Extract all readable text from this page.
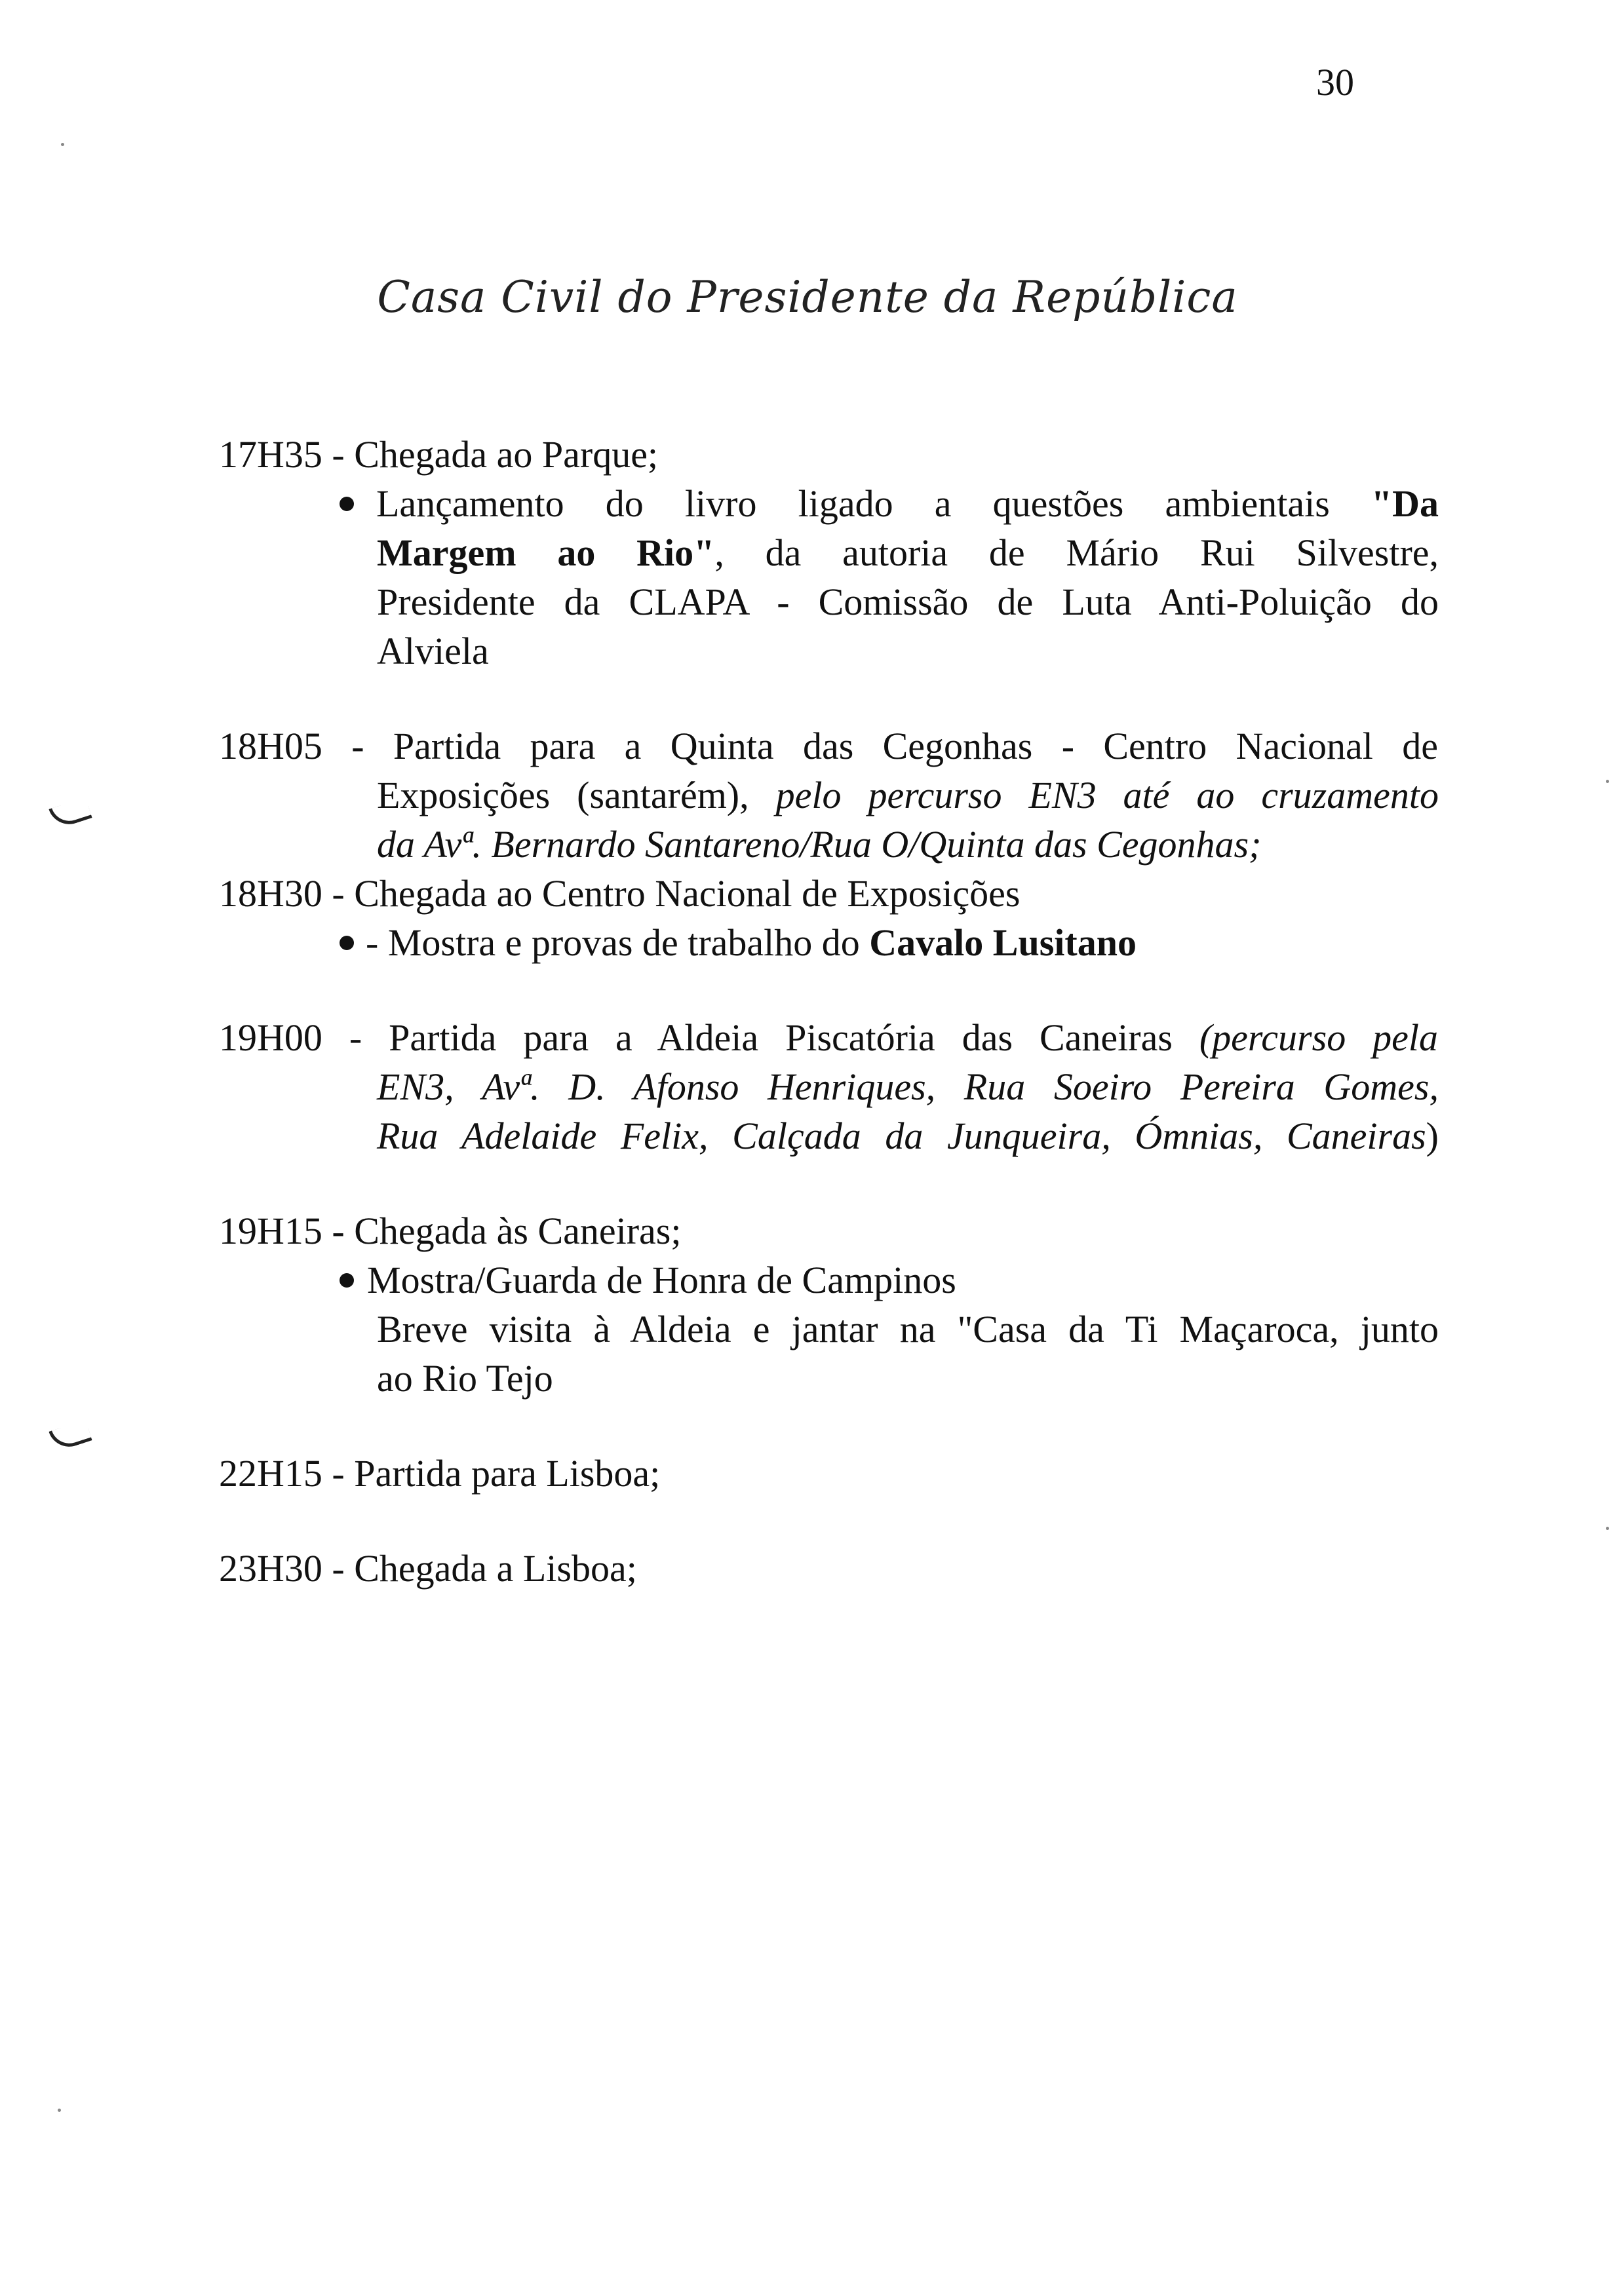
30
Casa Civil do Presidente da República
17H35 - Chegada ao Parque;
Lançamento do livro ligado a questões ambientais "Da
Margem ao Rio", da autoria de Mário Rui Silvestre,
Presidente da CLAPA - Comissão de Luta Anti-Poluição do
Alviela
18H05 - Partida para a Quinta das Cegonhas - Centro Nacional de
Exposições (santarém), pelo percurso EN3 até ao cruzamento
da Avª. Bernardo Santareno/Rua O/Quinta das Cegonhas;
18H30 - Chegada ao Centro Nacional de Exposições
- Mostra e provas de trabalho do Cavalo Lusitano
19H00 - Partida para a Aldeia Piscatória das Caneiras (percurso pela
EN3, Avª. D. Afonso Henriques, Rua Soeiro Pereira Gomes,
Rua Adelaide Felix, Calçada da Junqueira, Ómnias, Caneiras)
19H15 - Chegada às Caneiras;
Mostra/Guarda de Honra de Campinos
Breve visita à Aldeia e jantar na "Casa da Ti Maçaroca, junto
ao Rio Tejo
22H15 - Partida para Lisboa;
23H30 - Chegada a Lisboa;
